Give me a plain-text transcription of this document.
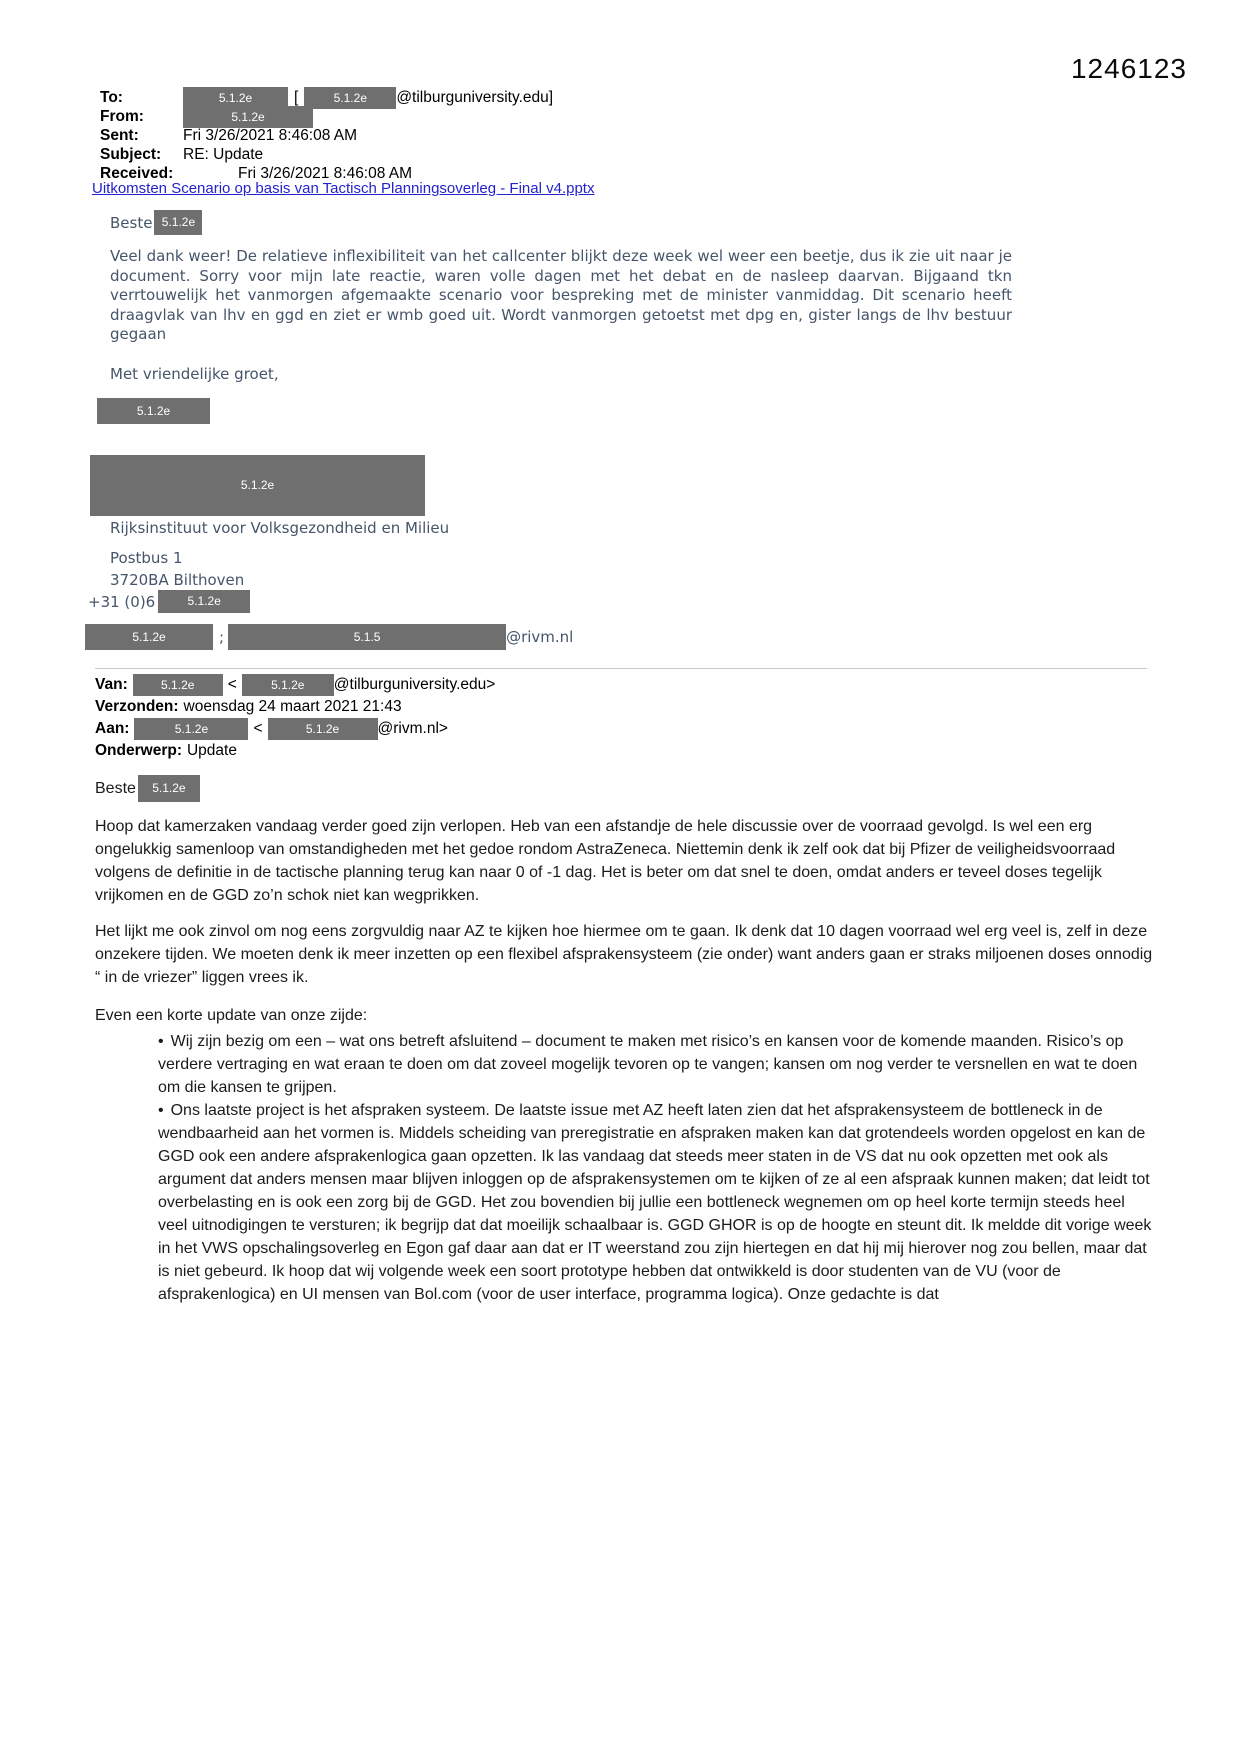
1246123
To:	5.1.2e	[	5.1.2e	@tilburguniversity.edu]
From:	5.1.2e
Sent:	Fri 3/26/2021 8:46:08 AM
Subject:	RE: Update
Received:	Fri 3/26/2021 8:46:08 AM
Uitkomsten Scenario op basis van Tactisch Planningsoverleg - Final v4.pptx
Beste 5.1.2e
Veel dank weer! De relatieve inflexibiliteit van het callcenter blijkt deze week wel weer een beetje, dus ik zie uit naar je document. Sorry voor mijn late reactie, waren volle dagen met het debat en de nasleep daarvan. Bijgaand tkn verrtouwelijk het vanmorgen afgemaakte scenario voor bespreking met de minister vanmiddag. Dit scenario heeft draagvlak van lhv en ggd en ziet er wmb goed uit. Wordt vanmorgen getoetst met dpg en, gister langs de lhv bestuur gegaan
Met vriendelijke groet,
5.1.2e
5.1.2e
Rijksinstituut voor Volksgezondheid en Milieu
Postbus 1
3720BA Bilthoven
+31 (0)6	5.1.2e
5.1.2e	;	5.1.5	@rivm.nl
Van:	5.1.2e	<	5.1.2e	@tilburguniversity.edu>
Verzonden: woensdag 24 maart 2021 21:43
Aan:	5.1.2e	<	5.1.2e	@rivm.nl>
Onderwerp: Update
Beste	5.1.2e
Hoop dat kamerzaken vandaag verder goed zijn verlopen. Heb van een afstandje de hele discussie over de voorraad gevolgd. Is wel een erg ongelukkig samenloop van omstandigheden met het gedoe rondom AstraZeneca. Niettemin denk ik zelf ook dat bij Pfizer de veiligheidsvoorraad volgens de definitie in de tactische planning terug kan naar 0 of -1 dag. Het is beter om dat snel te doen, omdat anders er teveel doses tegelijk vrijkomen en de GGD zo’n schok niet kan wegprikken.
Het lijkt me ook zinvol om nog eens zorgvuldig naar AZ te kijken hoe hiermee om te gaan. Ik denk dat 10 dagen voorraad wel erg veel is, zelf in deze onzekere tijden. We moeten denk ik meer inzetten op een flexibel afsprakensysteem (zie onder) want anders gaan er straks miljoenen doses onnodig “ in de vriezer” liggen vrees ik.
Even een korte update van onze zijde:
• Wij zijn bezig om een – wat ons betreft afsluitend – document te maken met risico’s en kansen voor de komende maanden. Risico’s op verdere vertraging en wat eraan te doen om dat zoveel mogelijk tevoren op te vangen; kansen om nog verder te versnellen en wat te doen om die kansen te grijpen.
• Ons laatste project is het afspraken systeem. De laatste issue met AZ heeft laten zien dat het afsprakensysteem de bottleneck in de wendbaarheid aan het vormen is. Middels scheiding van preregistratie en afspraken maken kan dat grotendeels worden opgelost en kan de GGD ook een andere afsprakenlogica gaan opzetten. Ik las vandaag dat steeds meer staten in de VS dat nu ook opzetten met ook als argument dat anders mensen maar blijven inloggen op de afsprakensystemen om te kijken of ze al een afspraak kunnen maken; dat leidt tot overbelasting en is ook een zorg bij de GGD. Het zou bovendien bij jullie een bottleneck wegnemen om op heel korte termijn steeds heel veel uitnodigingen te versturen; ik begrijp dat dat moeilijk schaalbaar is. GGD GHOR is op de hoogte en steunt dit. Ik meldde dit vorige week in het VWS opschalingsoverleg en Egon gaf daar aan dat er IT weerstand zou zijn hiertegen en dat hij mij hierover nog zou bellen, maar dat is niet gebeurd. Ik hoop dat wij volgende week een soort prototype hebben dat ontwikkeld is door studenten van de VU (voor de afsprakenlogica) en UI mensen van Bol.com (voor de user interface, programma logica). Onze gedachte is dat
